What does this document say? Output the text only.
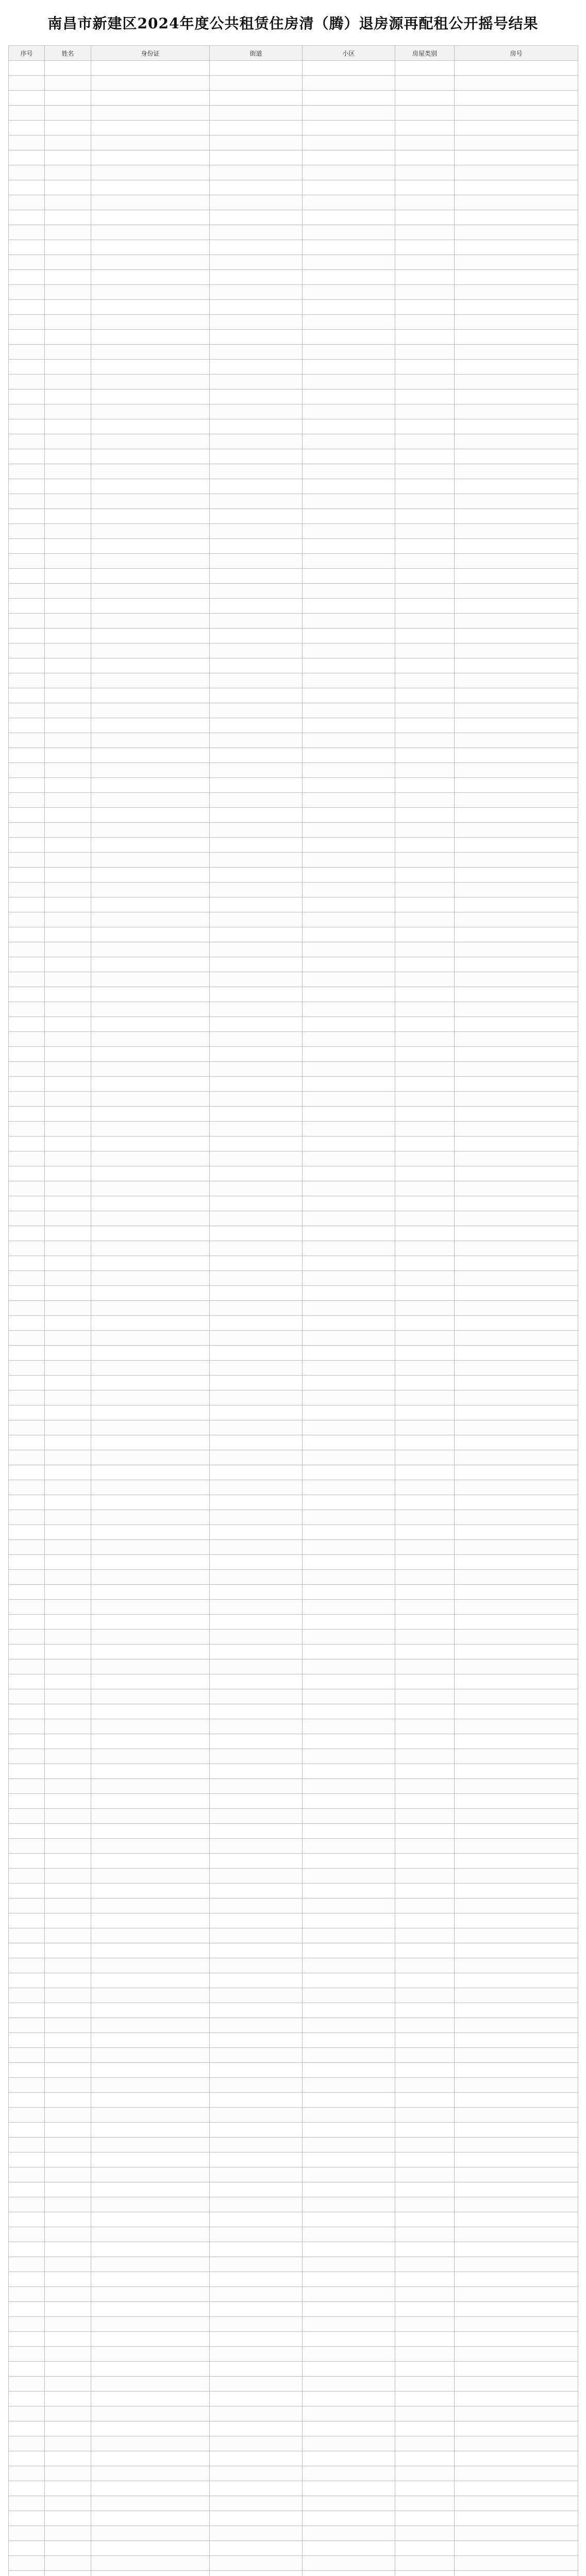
南昌市新建区2024年度公共租赁住房清（腾）退房源再配租公开摇号结果
序号	姓名	身份证	街道	小区	房屋类别	房号
